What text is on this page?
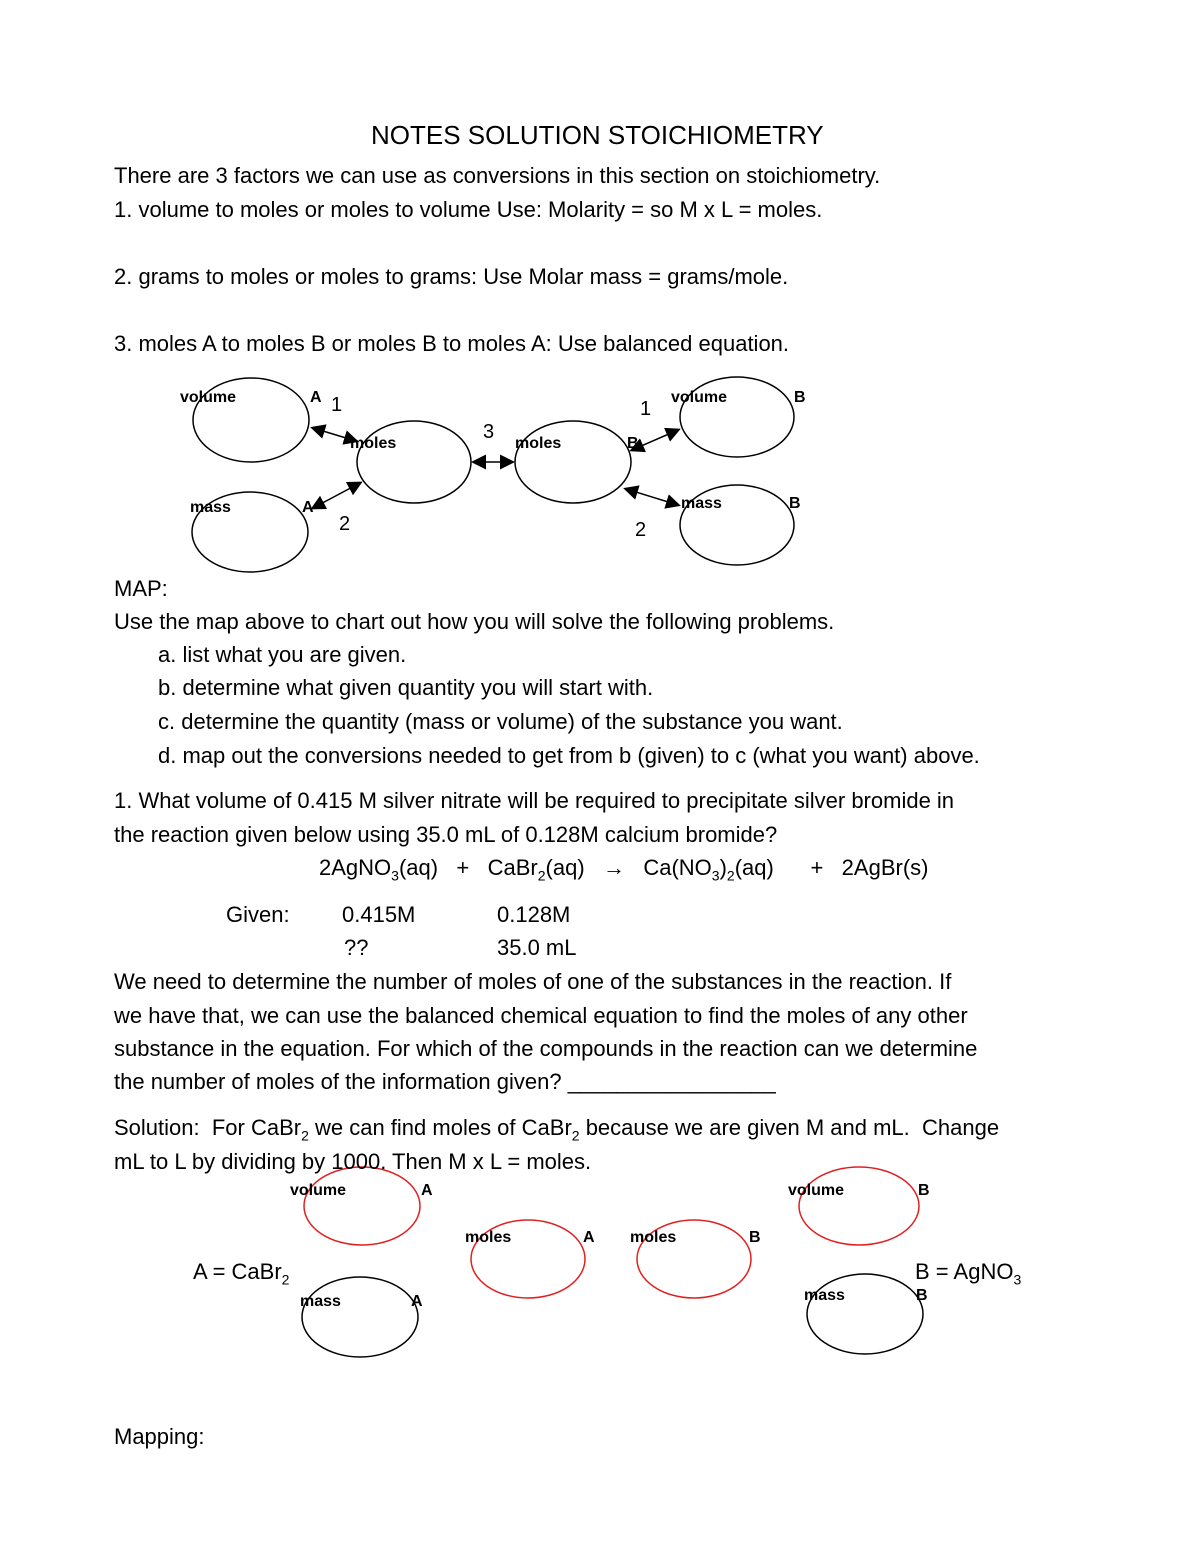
NOTES SOLUTION STOICHIOMETRY
There are 3 factors we can use as conversions in this section on stoichiometry.
1. volume to moles or moles to volume Use: Molarity = so M x L = moles.
2. grams to moles or moles to grams: Use Molar mass = grams/mole.
3. moles A to moles B or moles B to moles A: Use balanced equation.
volume	A
moles
mass	A
moles	B
volume	B
mass	B
1	1
3
2	2
MAP:
Use the map above to chart out how you will solve the following problems.
a. list what you are given.
b. determine what given quantity you will start with.
c. determine the quantity (mass or volume) of the substance you want.
d. map out the conversions needed to get from b (given) to c (what you want) above.
1. What volume of 0.415 M silver nitrate will be required to precipitate silver bromide in
the reaction given below using 35.0 mL of 0.128M calcium bromide?
2AgNO$_3$(aq)   +   CaBr$_2$(aq)   →   $Ca(NO_3)_2(aq)$      +   2AgBr(s)
Given: 0.415M	0.128M
??	35.0 mL
We need to determine the number of moles of one of the substances in the reaction. If
we have that, we can use the balanced chemical equation to find the moles of any other
substance in the equation. For which of the compounds in the reaction can we determine
the number of moles of the information given? _________________
Solution:  For CaBr$_2$ we can find moles of CaBr$_2$ because we are given M and mL.  Change
mL to L by dividing by 1000. Then M x L = moles.
volume	A
moles	A moles	B
volume	B
mass	A	mass	B
A = CaBr$_2$	B = AgNO$_3$
Mapping:
